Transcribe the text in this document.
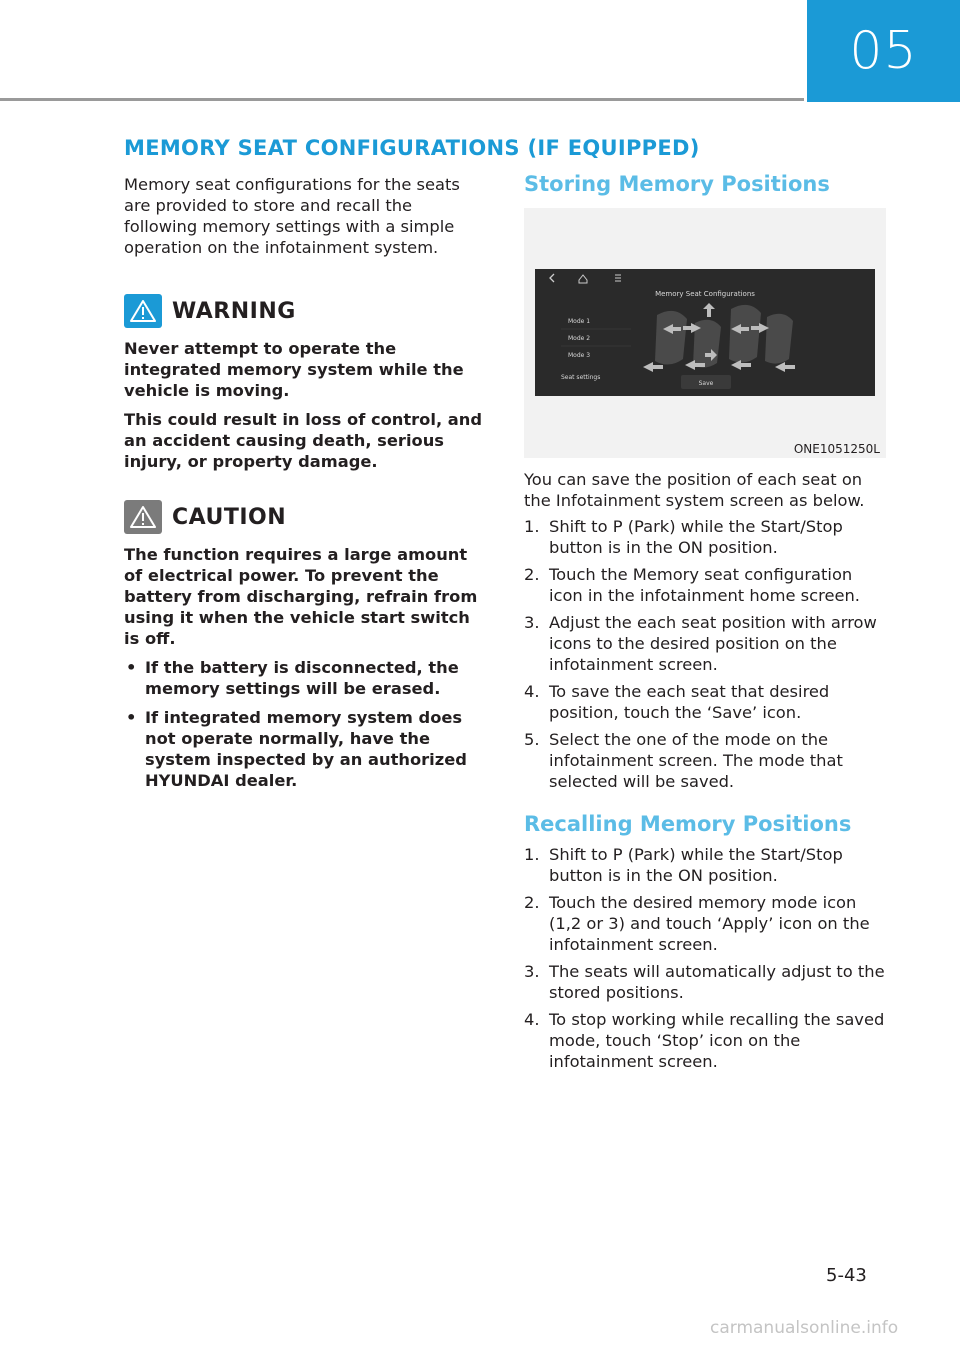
05
MEMORY SEAT CONFIGURATIONS (IF EQUIPPED)

Memory seat configurations for the seats are provided to store and recall the following memory settings with a simple operation on the infotainment system.

WARNING

Never attempt to operate the integrated memory system while the vehicle is moving.

This could result in loss of control, and an accident causing death, serious injury, or property damage.

CAUTION

The function requires a large amount of electrical power. To prevent the battery from discharging, refrain from using it when the vehicle start switch is off.

• If the battery is disconnected, the memory settings will be erased.
• If integrated memory system does not operate normally, have the system inspected by an authorized HYUNDAI dealer.
Storing Memory Positions
Memory Seat Configurations
Mode 1
Mode 2
Mode 3
Seat settings
Save
ONE1051250L

You can save the position of each seat on the Infotainment system screen as below.

1. Shift to P (Park) while the Start/Stop button is in the ON position.
2. Touch the Memory seat configuration icon in the infotainment home screen.
3. Adjust the each seat position with arrow icons to the desired position on the infotainment screen.
4. To save the each seat that desired position, touch the ‘Save’ icon.
5. Select the one of the mode on the infotainment screen. The mode that selected will be saved.
Recalling Memory Positions
1. Shift to P (Park) while the Start/Stop button is in the ON position.
2. Touch the desired memory mode icon (1,2 or 3) and touch ‘Apply’ icon on the infotainment screen.
3. The seats will automatically adjust to the stored positions.
4. To stop working while recalling the saved mode, touch ‘Stop’ icon on the infotainment screen.
5-43
carmanualsonline.info
